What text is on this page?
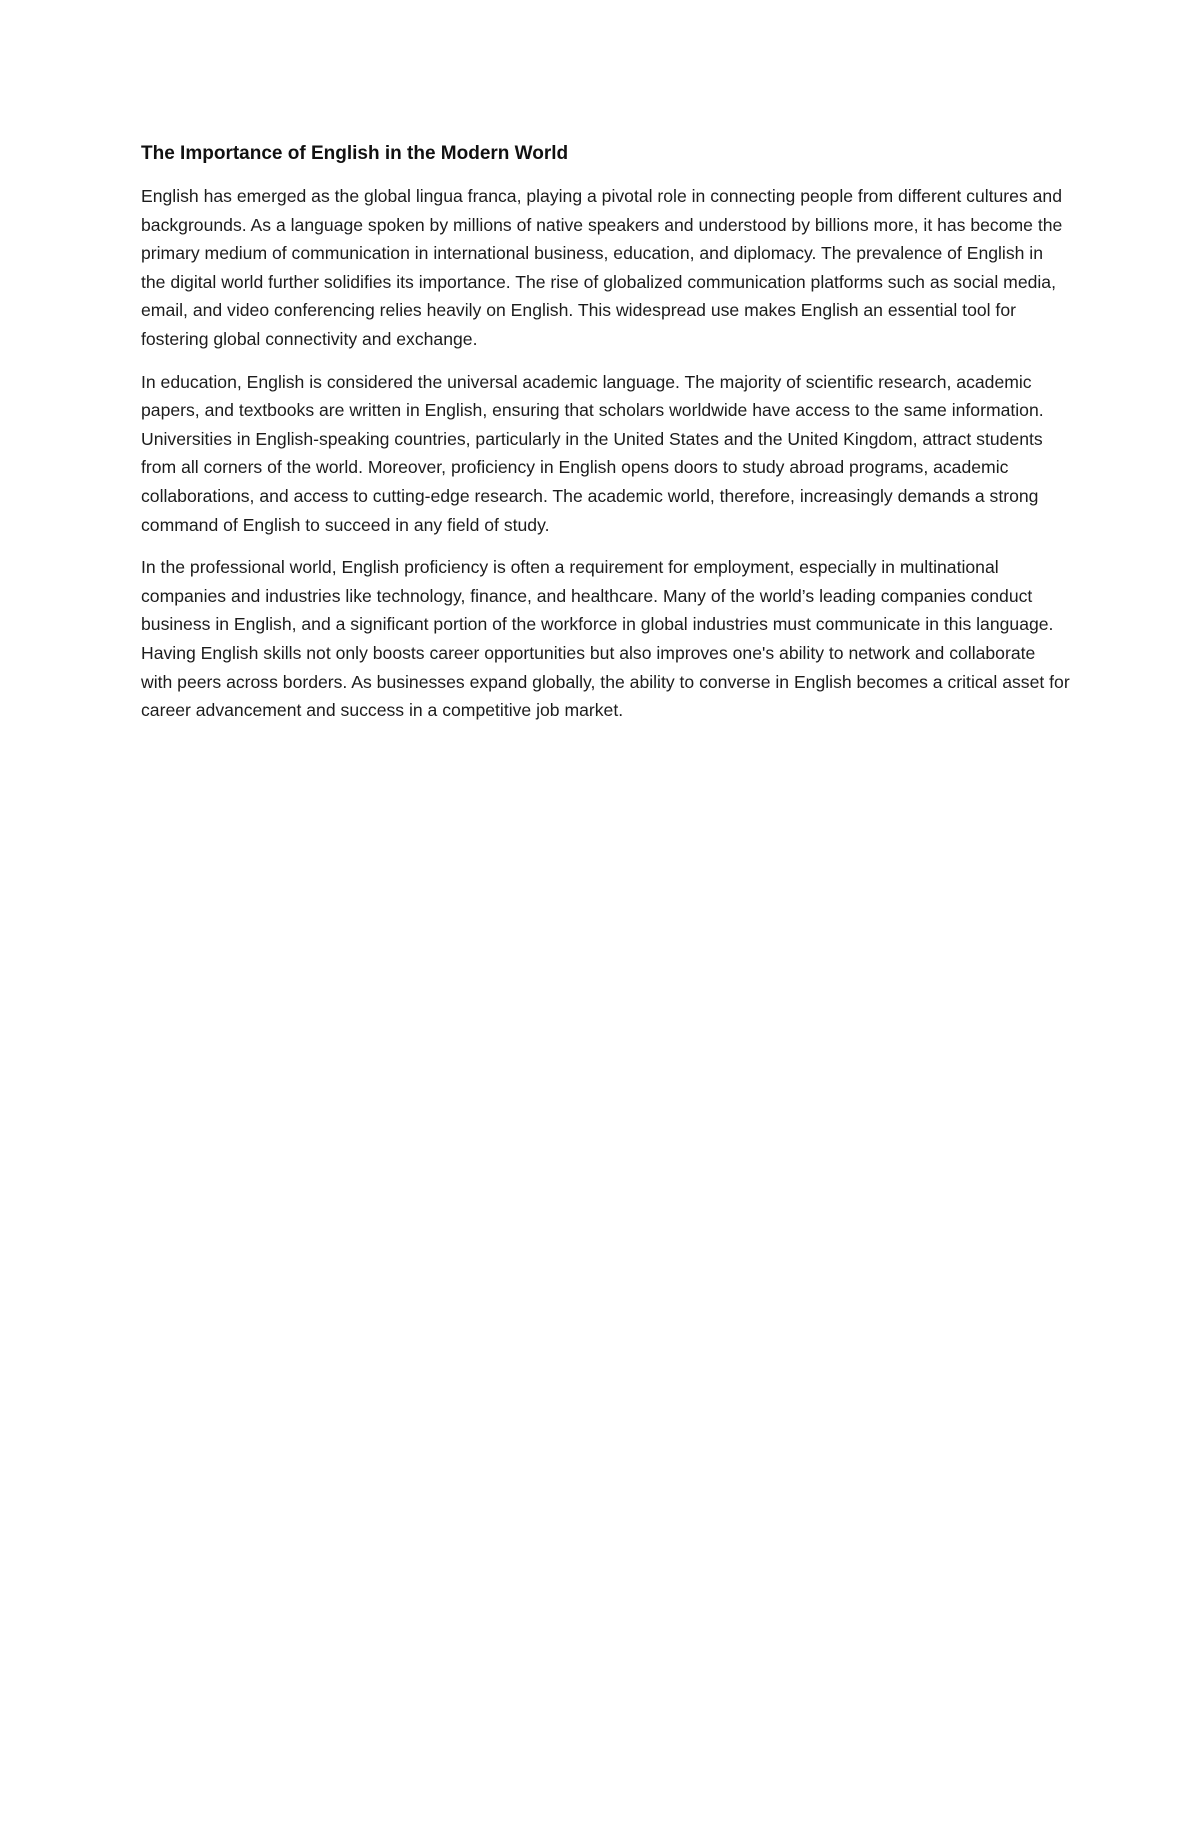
The Importance of English in the Modern World

English has emerged as the global lingua franca, playing a pivotal role in connecting people from different cultures and backgrounds. As a language spoken by millions of native speakers and understood by billions more, it has become the primary medium of communication in international business, education, and diplomacy. The prevalence of English in the digital world further solidifies its importance. The rise of globalized communication platforms such as social media, email, and video conferencing relies heavily on English. This widespread use makes English an essential tool for fostering global connectivity and exchange.

In education, English is considered the universal academic language. The majority of scientific research, academic papers, and textbooks are written in English, ensuring that scholars worldwide have access to the same information. Universities in English-speaking countries, particularly in the United States and the United Kingdom, attract students from all corners of the world. Moreover, proficiency in English opens doors to study abroad programs, academic collaborations, and access to cutting-edge research. The academic world, therefore, increasingly demands a strong command of English to succeed in any field of study.

In the professional world, English proficiency is often a requirement for employment, especially in multinational companies and industries like technology, finance, and healthcare. Many of the world’s leading companies conduct business in English, and a significant portion of the workforce in global industries must communicate in this language. Having English skills not only boosts career opportunities but also improves one's ability to network and collaborate with peers across borders. As businesses expand globally, the ability to converse in English becomes a critical asset for career advancement and success in a competitive job market.
